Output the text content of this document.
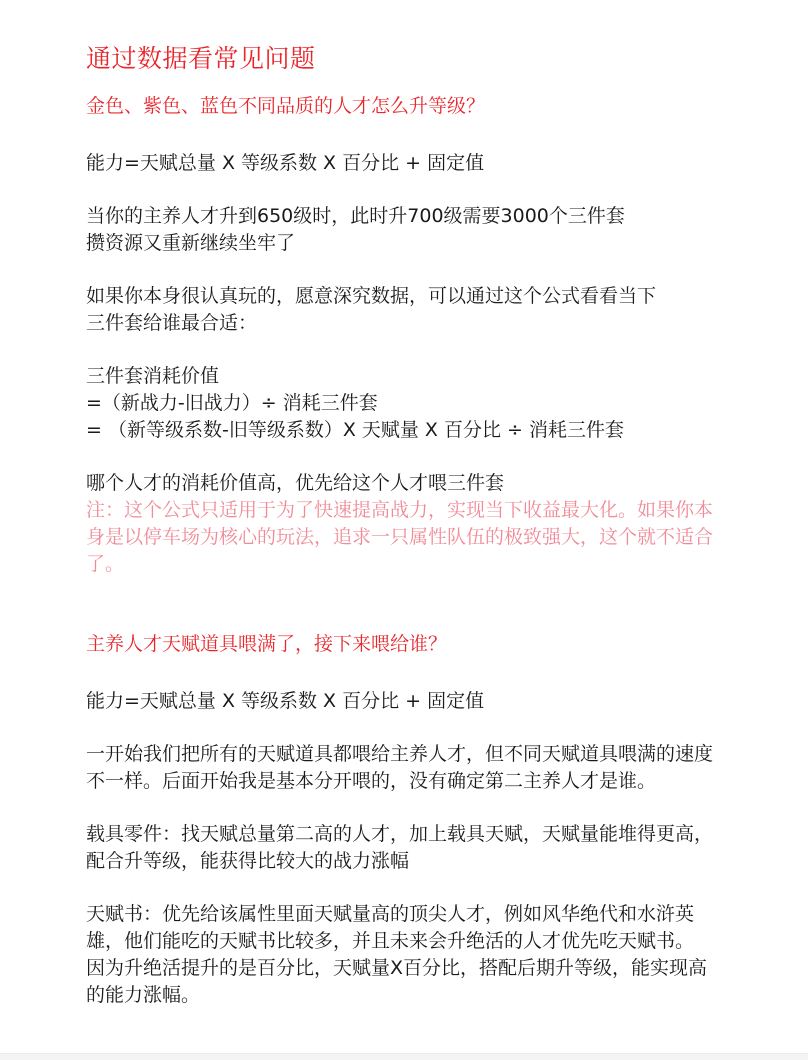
通过数据看常见问题
金色、紫色、蓝色不同品质的人才怎么升等级？
能力=天赋总量 X 等级系数 X 百分比 + 固定值
当你的主养人才升到650级时，此时升700级需要3000个三件套
攒资源又重新继续坐牢了
如果你本身很认真玩的，愿意深究数据，可以通过这个公式看看当下
三件套给谁最合适：
三件套消耗价值
=（新战力-旧战力）÷ 消耗三件套
= （新等级系数-旧等级系数）X 天赋量 X 百分比 ÷ 消耗三件套
哪个人才的消耗价值高，优先给这个人才喂三件套
注：这个公式只适用于为了快速提高战力，实现当下收益最大化。如果你本身是以停车场为核心的玩法，追求一只属性队伍的极致强大，这个就不适合了。
主养人才天赋道具喂满了，接下来喂给谁？
能力=天赋总量 X 等级系数 X 百分比 + 固定值
一开始我们把所有的天赋道具都喂给主养人才，但不同天赋道具喂满的速度不一样。后面开始我是基本分开喂的，没有确定第二主养人才是谁。
载具零件：找天赋总量第二高的人才，加上载具天赋，天赋量能堆得更高，配合升等级，能获得比较大的战力涨幅
天赋书：优先给该属性里面天赋量高的顶尖人才，例如风华绝代和水浒英雄，他们能吃的天赋书比较多，并且未来会升绝活的人才优先吃天赋书。
因为升绝活提升的是百分比，天赋量X百分比，搭配后期升等级，能实现高的能力涨幅。
